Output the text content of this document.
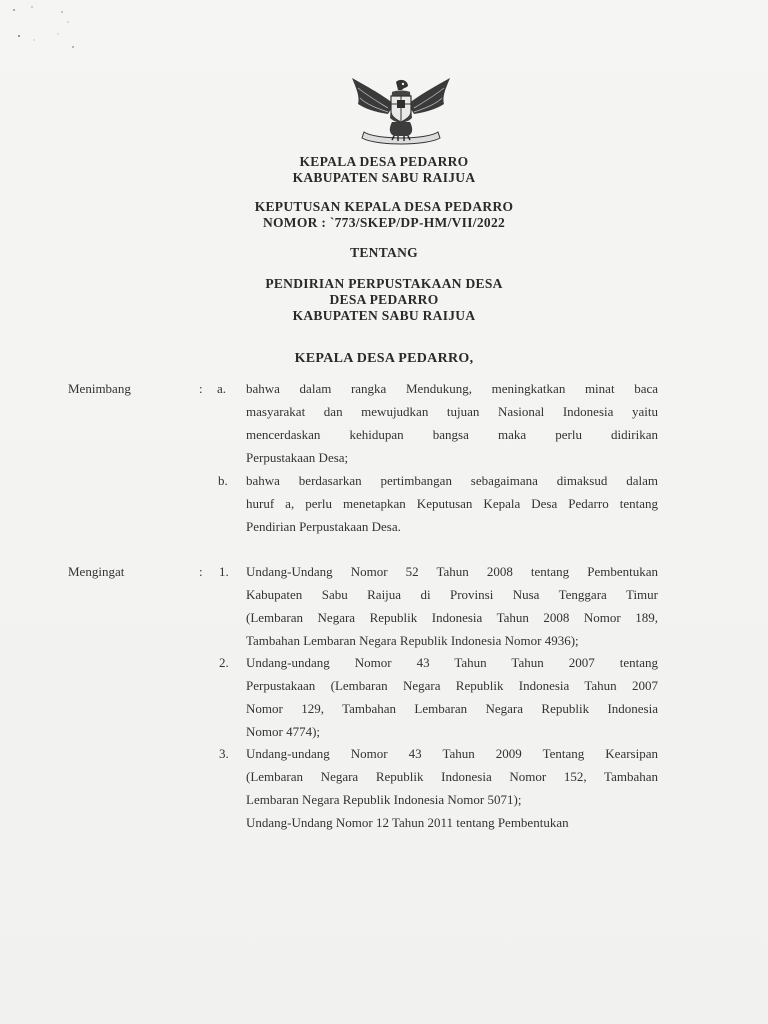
KEPALA DESA PEDARRO
KABUPATEN SABU RAIJUA
KEPUTUSAN KEPALA DESA PEDARRO
NOMOR : `773/SKEP/DP-HM/VII/2022
TENTANG
PENDIRIAN PERPUSTAKAAN DESA
DESA PEDARRO
KABUPATEN SABU RAIJUA
KEPALA DESA PEDARRO,
Menimbang	: a.	bahwa dalam rangka Mendukung, meningkatkan minat baca
masyarakat dan mewujudkan tujuan Nasional Indonesia yaitu
mencerdaskan kehidupan bangsa maka perlu didirikan
Perpustakaan Desa;
b.	bahwa berdasarkan pertimbangan sebagaimana dimaksud dalam
huruf a, perlu menetapkan Keputusan Kepala Desa Pedarro tentang
Pendirian Perpustakaan Desa.
Mengingat	: 1.	Undang-Undang Nomor 52 Tahun 2008 tentang Pembentukan
Kabupaten Sabu Raijua di Provinsi Nusa Tenggara Timur
(Lembaran Negara Republik Indonesia Tahun 2008 Nomor 189,
Tambahan Lembaran Negara Republik Indonesia Nomor 4936);
2.	Undang-undang Nomor 43 Tahun Tahun 2007 tentang
Perpustakaan (Lembaran Negara Republik Indonesia Tahun 2007
Nomor 129, Tambahan Lembaran Negara Republik Indonesia
Nomor 4774);
3.	Undang-undang Nomor 43 Tahun 2009 Tentang Kearsipan
(Lembaran Negara Republik Indonesia Nomor 152, Tambahan
Lembaran Negara Republik Indonesia Nomor 5071);
Undang-Undang Nomor 12 Tahun 2011 tentang Pembentukan
